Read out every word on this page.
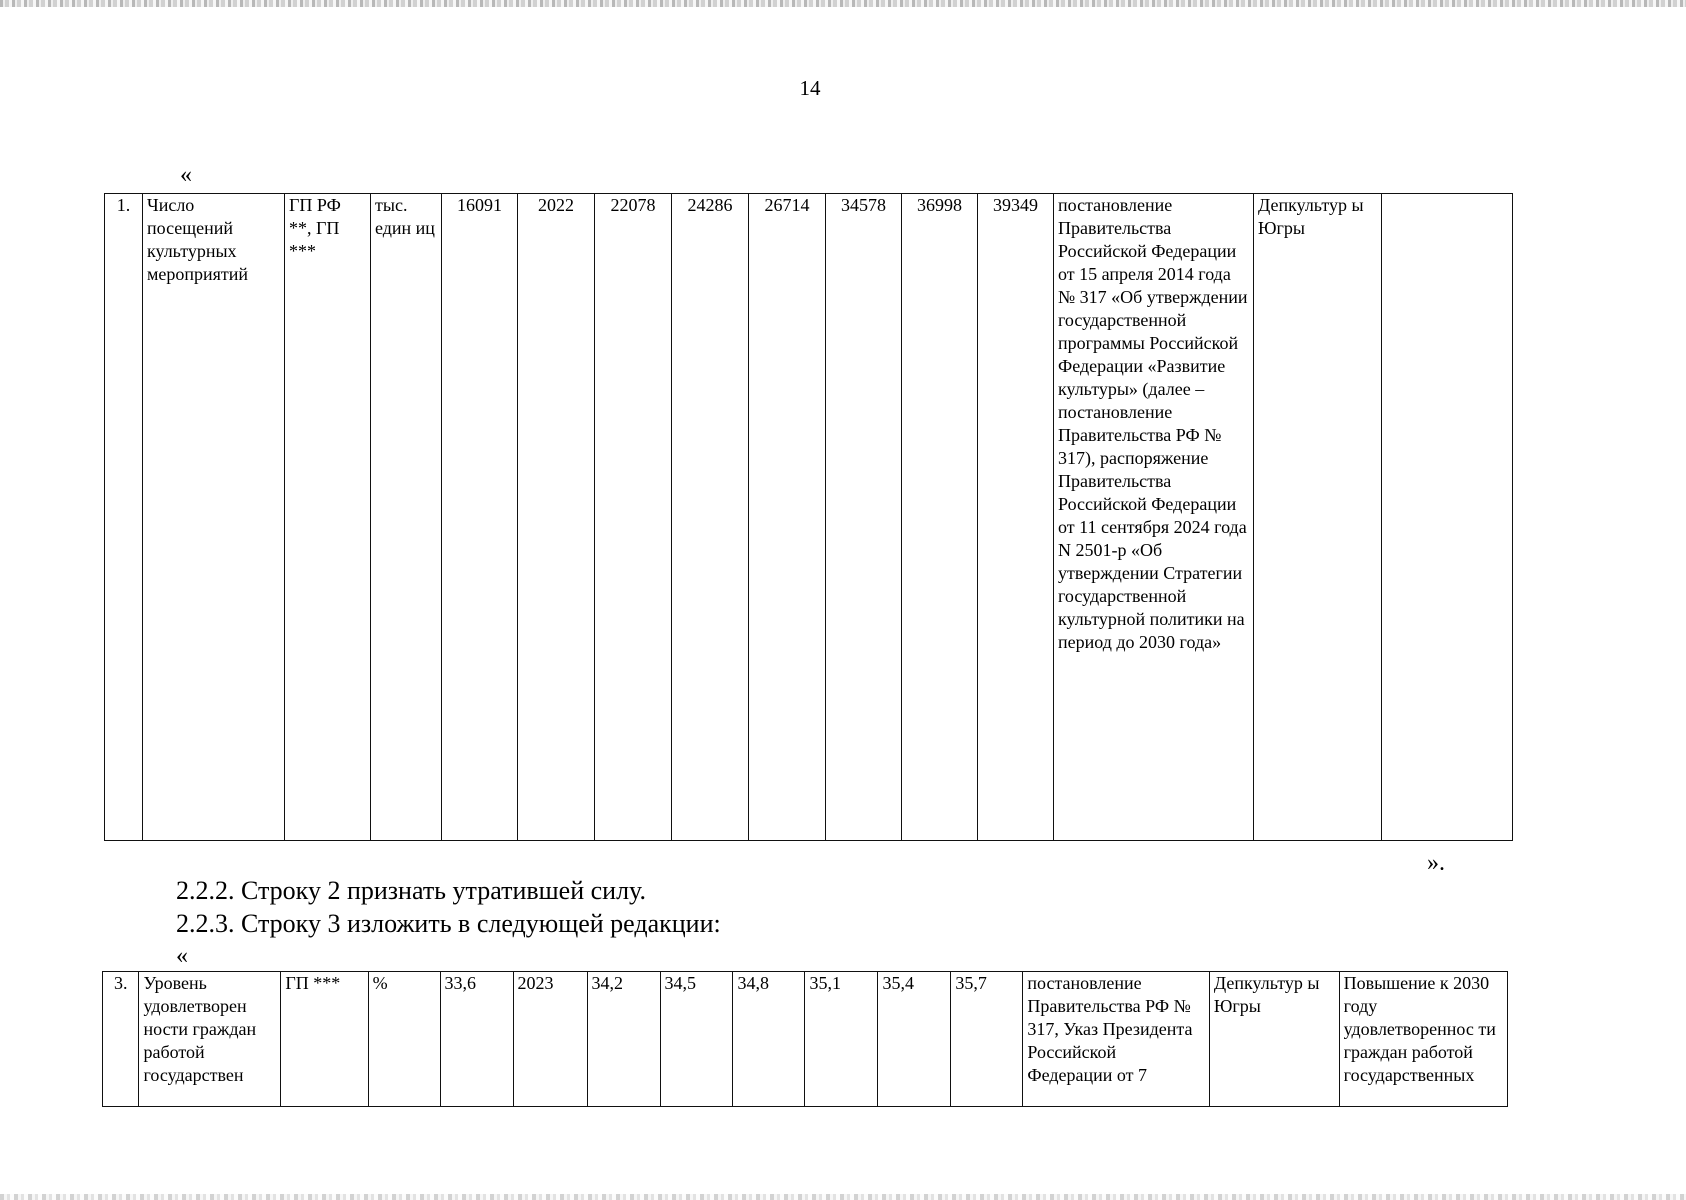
14
«
1.	Число посещений культурных мероприятий	ГП РФ **, ГП ***	тыс. един иц	16091	2022	22078	24286	26714	34578	36998	39349	постановление Правительства Российской Федерации от 15 апреля 2014 года № 317 «Об утверждении государственной программы Российской Федерации «Развитие культуры» (далее – постановление Правительства РФ № 317), распоряжение Правительства Российской Федерации от 11 сентября 2024 года N 2501-р «Об утверждении Стратегии государственной культурной политики на период до 2030 года»	Депкультур ы Югры	
».
2.2.2. Строку 2 признать утратившей силу.
2.2.3. Строку 3 изложить в следующей редакции:
«
3.	Уровень удовлетворен ности граждан работой государствен	ГП ***	%	33,6	2023	34,2	34,5	34,8	35,1	35,4	35,7	постановление Правительства РФ № 317, Указ Президента Российской Федерации от 7	Депкультур ы Югры	Повышение к 2030 году удовлетвореннос ти граждан работой государственных
